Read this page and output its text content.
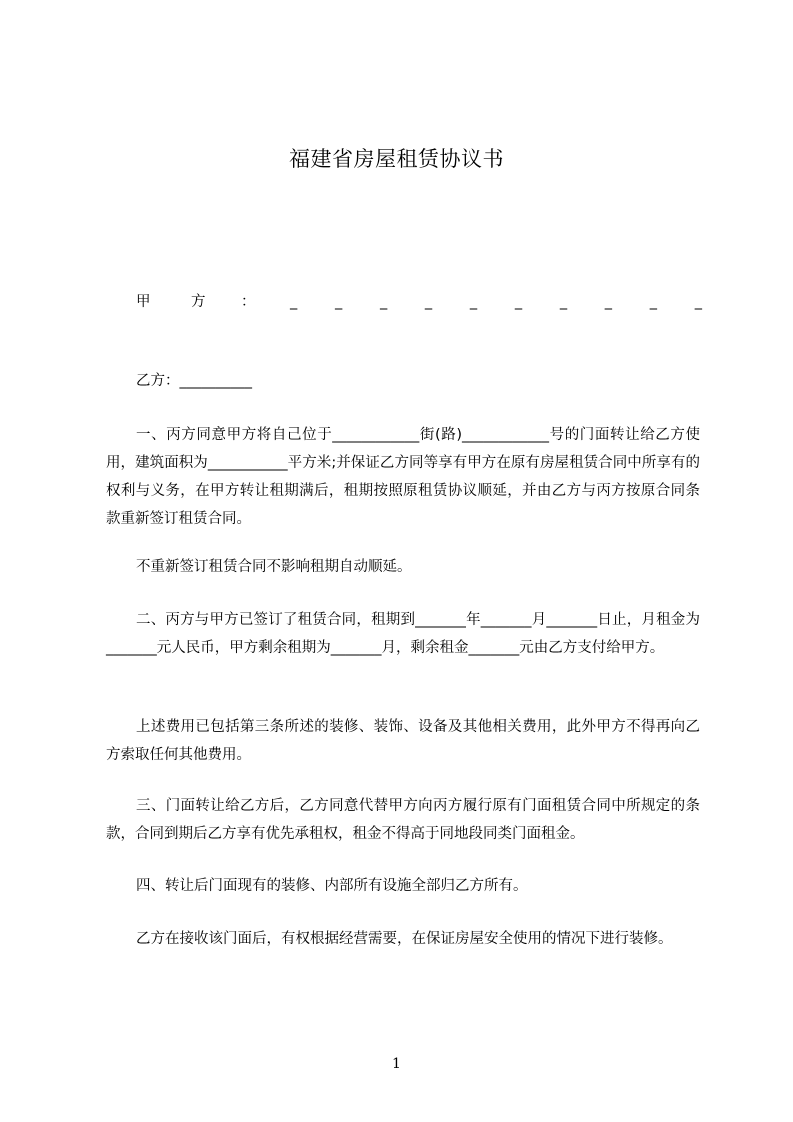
福建省房屋租赁协议书
甲	方 ： _	_	_	_	_	_	_	_	_	_
乙方：__________

一、丙方同意甲方将自己位于____________街(路)____________号的门面转让给乙方使用，建筑面积为___________平方米;并保证乙方同等享有甲方在原有房屋租赁合同中所享有的权利与义务，在甲方转让租期满后，租期按照原租赁协议顺延，并由乙方与丙方按原合同条款重新签订租赁合同。

不重新签订租赁合同不影响租期自动顺延。

二、丙方与甲方已签订了租赁合同，租期到_______年_______月_______日止，月租金为_______元人民币，甲方剩余租期为_______月，剩余租金_______元由乙方支付给甲方。

上述费用已包括第三条所述的装修、装饰、设备及其他相关费用，此外甲方不得再向乙方索取任何其他费用。

三、门面转让给乙方后，乙方同意代替甲方向丙方履行原有门面租赁合同中所规定的条款，合同到期后乙方享有优先承租权，租金不得高于同地段同类门面租金。

四、转让后门面现有的装修、内部所有设施全部归乙方所有。

乙方在接收该门面后，有权根据经营需要，在保证房屋安全使用的情况下进行装修。

1
